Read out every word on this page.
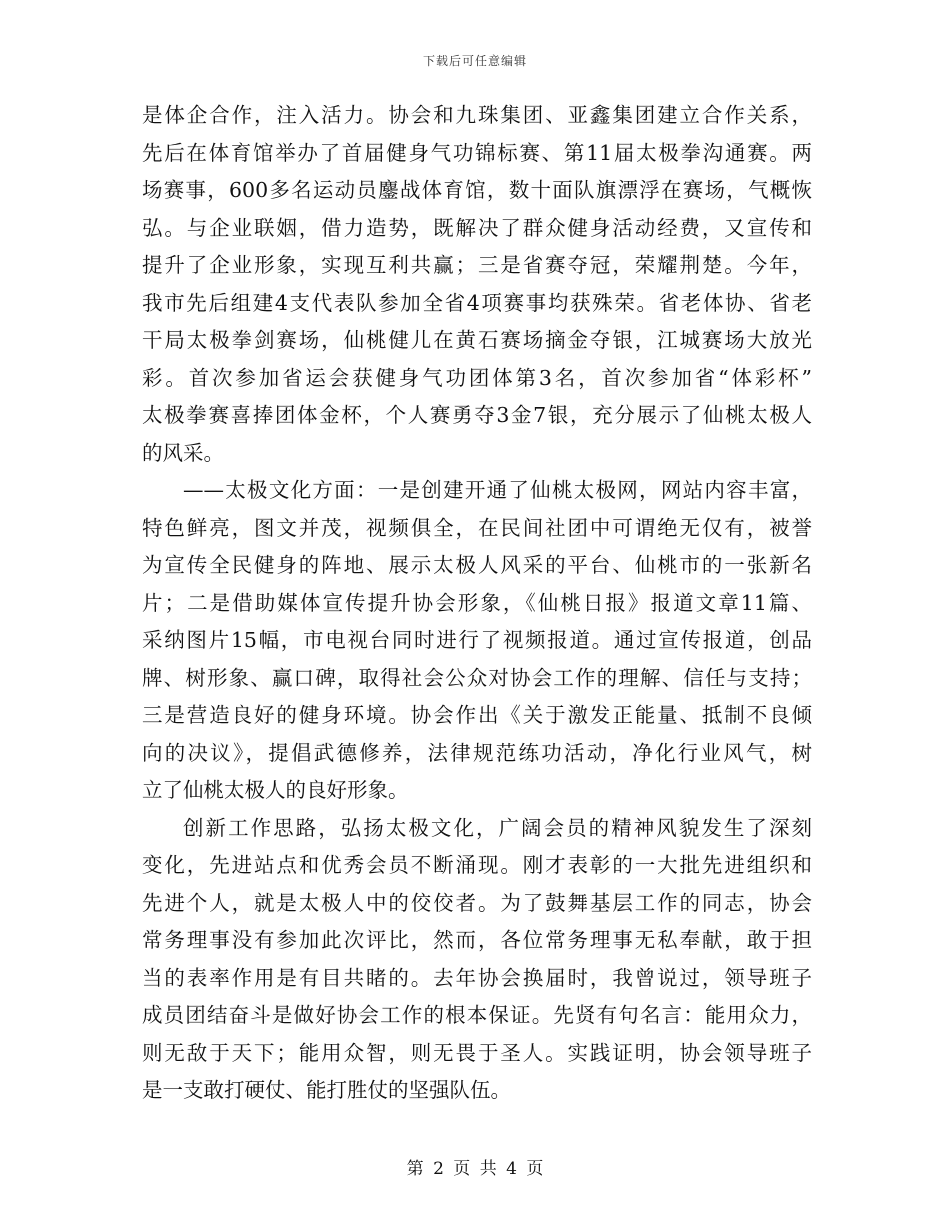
下载后可任意编辑
是体企合作，注入活力。协会和九珠集团、亚鑫集团建立合作关系，
先后在体育馆举办了首届健身气功锦标赛、第11届太极拳沟通赛。两
场赛事，600多名运动员鏖战体育馆，数十面队旗漂浮在赛场，气概恢
弘。与企业联姻，借力造势，既解决了群众健身活动经费，又宣传和
提升了企业形象，实现互利共赢；三是省赛夺冠，荣耀荆楚。今年，
我市先后组建4支代表队参加全省4项赛事均获殊荣。省老体协、省老
干局太极拳剑赛场，仙桃健儿在黄石赛场摘金夺银，江城赛场大放光
彩。首次参加省运会获健身气功团体第3名，首次参加省“体彩杯”
太极拳赛喜捧团体金杯，个人赛勇夺3金7银，充分展示了仙桃太极人
的风采。
——太极文化方面：一是创建开通了仙桃太极网，网站内容丰富，
特色鲜亮，图文并茂，视频俱全，在民间社团中可谓绝无仅有，被誉
为宣传全民健身的阵地、展示太极人风采的平台、仙桃市的一张新名
片；二是借助媒体宣传提升协会形象，《仙桃日报》报道文章11篇、
采纳图片15幅，市电视台同时进行了视频报道。通过宣传报道，创品
牌、树形象、赢口碑，取得社会公众对协会工作的理解、信任与支持；
三是营造良好的健身环境。协会作出《关于激发正能量、抵制不良倾
向的决议》，提倡武德修养，法律规范练功活动，净化行业风气，树
立了仙桃太极人的良好形象。
创新工作思路，弘扬太极文化，广阔会员的精神风貌发生了深刻
变化，先进站点和优秀会员不断涌现。刚才表彰的一大批先进组织和
先进个人，就是太极人中的佼佼者。为了鼓舞基层工作的同志，协会
常务理事没有参加此次评比，然而，各位常务理事无私奉献，敢于担
当的表率作用是有目共睹的。去年协会换届时，我曾说过，领导班子
成员团结奋斗是做好协会工作的根本保证。先贤有句名言：能用众力，
则无敌于天下；能用众智，则无畏于圣人。实践证明，协会领导班子
是一支敢打硬仗、能打胜仗的坚强队伍。
第 2 页 共 4 页
